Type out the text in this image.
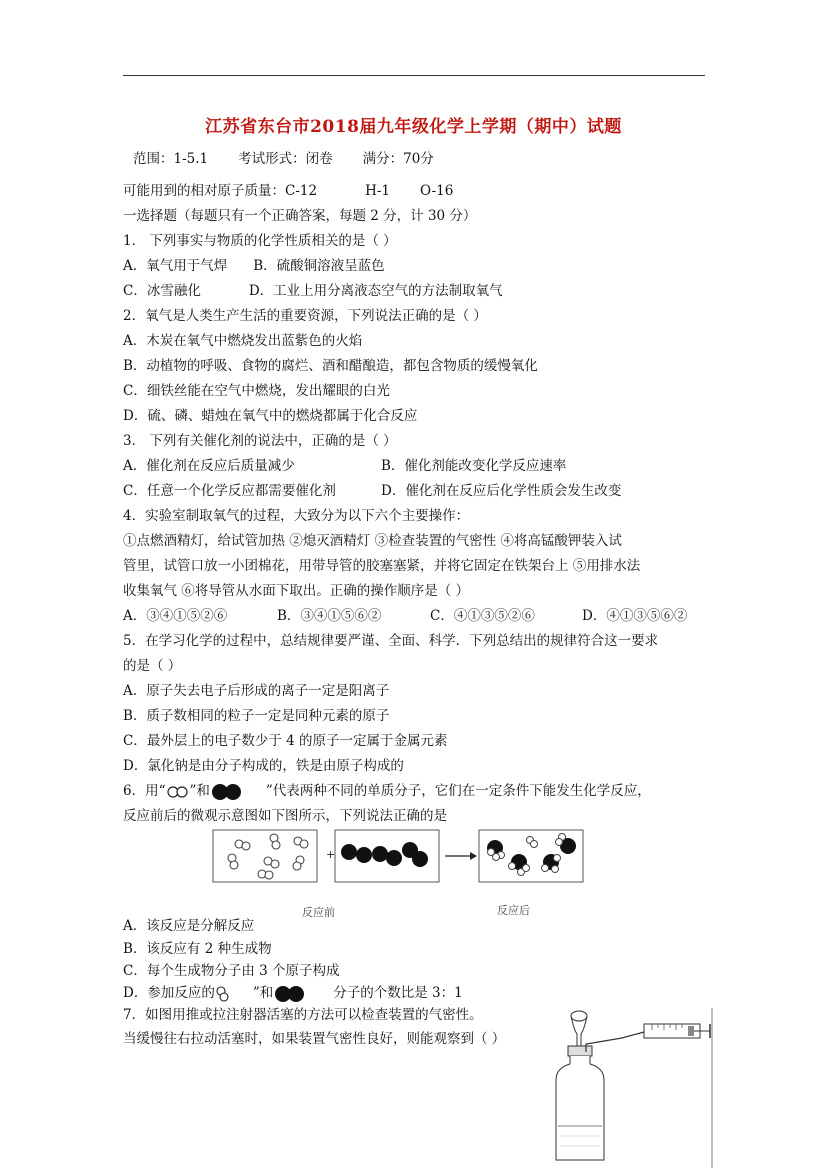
江苏省东台市2018届九年级化学上学期（期中）试题
范围：1-5.1 考试形式：闭卷 满分：70分
可能用到的相对原子质量：C-12	H-1 O-16
一选择题（每题只有一个正确答案，每题 2 分，计 30 分）
1． 下列事实与物质的化学性质相关的是（ ）
A．氧气用于气焊 B．硫酸铜溶液呈蓝色
C．冰雪融化	D．工业上用分离液态空气的方法制取氧气
2．氧气是人类生产生活的重要资源，下列说法正确的是（ ）
A．木炭在氧气中燃烧发出蓝紫色的火焰
B．动植物的呼吸、食物的腐烂、酒和醋酿造，都包含物质的缓慢氧化
C．细铁丝能在空气中燃烧，发出耀眼的白光
D．硫、磷、蜡烛在氧气中的燃烧都属于化合反应
3． 下列有关催化剂的说法中，正确的是（ ）
A．催化剂在反应后质量减少	B．催化剂能改变化学反应速率
C．任意一个化学反应都需要催化剂	D．催化剂在反应后化学性质会发生改变
4．实验室制取氧气的过程，大致分为以下六个主要操作：
①点燃酒精灯，给试管加热 ②熄灭酒精灯 ③检查装置的气密性 ④将高锰酸钾装入试
管里，试管口放一小团棉花，用带导管的胶塞塞紧，并将它固定在铁架台上 ⑤用排水法
收集氧气 ⑥将导管从水面下取出。正确的操作顺序是（ ）
A．③④①⑤②⑥	B．③④①⑤⑥②	C．④①③⑤②⑥	D．④①③⑤⑥②
5．在学习化学的过程中，总结规律要严谨、全面、科学．下列总结出的规律符合这一要求
的是（ ）
A．原子失去电子后形成的离子一定是阳离子
B．质子数相同的粒子一定是同种元素的原子
C．最外层上的电子数少于 4 的原子一定属于金属元素
D．氯化钠是由分子构成的，铁是由原子构成的
6．用“ ”和	”代表两种不同的单质分子，它们在一定条件下能发生化学反应，
反应前后的微观示意图如下图所示，下列说法正确的是
+
反应前	反应后
A．该反应是分解反应
B．该反应有 2 种生成物
C．每个生成物分子由 3 个原子构成
D．参加反应的	”和	分子的个数比是 3：1
7．如图用推或拉注射器活塞的方法可以检查装置的气密性。
当缓慢往右拉动活塞时，如果装置气密性良好，则能观察到（ ）
